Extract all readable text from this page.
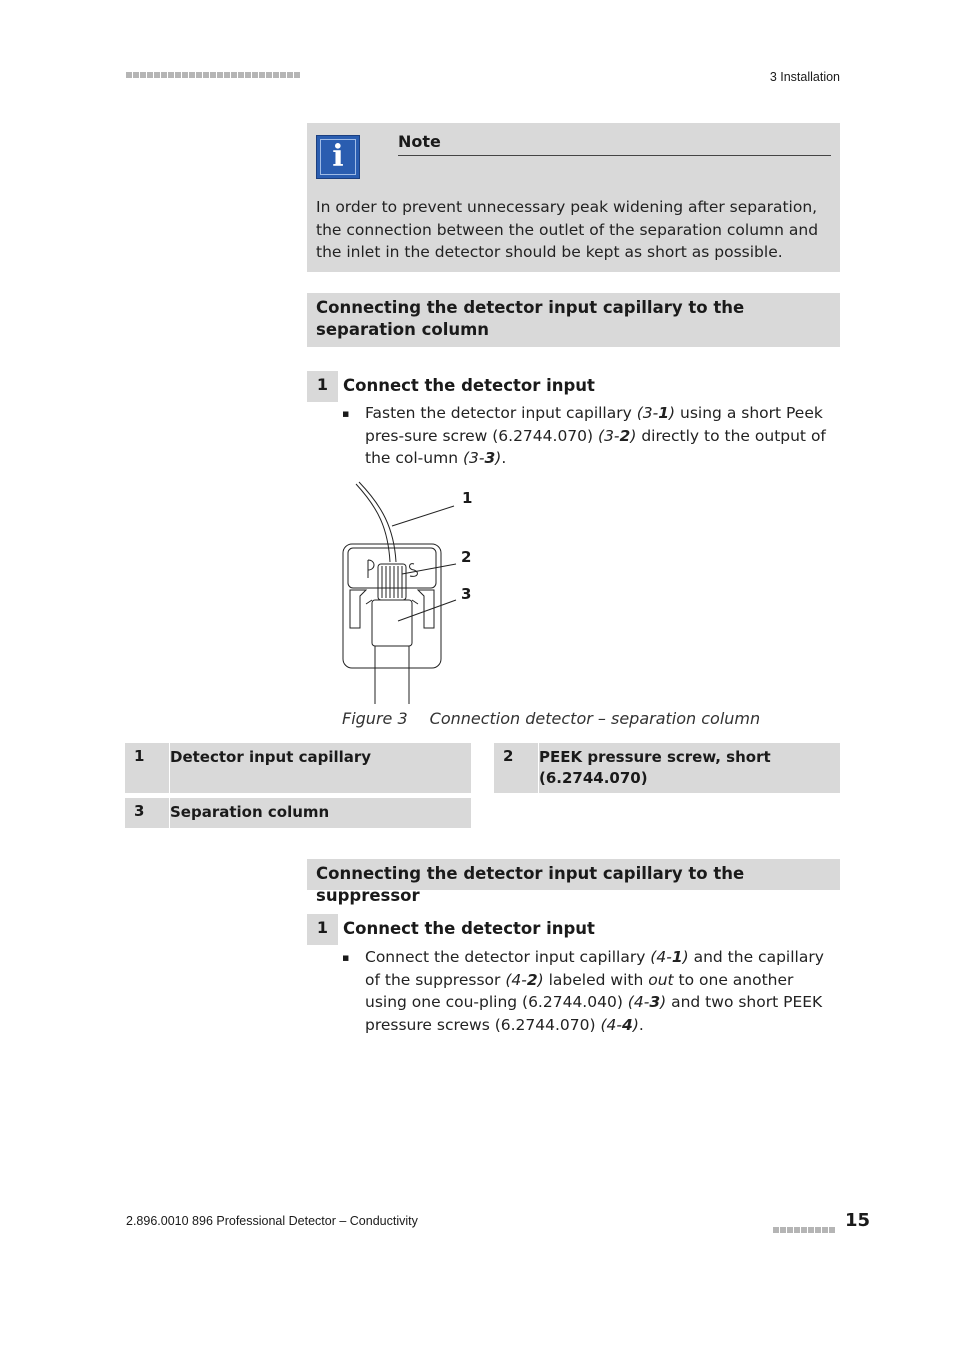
3 Installation
i	Note
In order to prevent unnecessary peak widening after separation, the connection between the outlet of the separation column and the inlet in the detector should be kept as short as possible.
Connecting the detector input capillary to the separation column
1 Connect the detector input
▪ Fasten the detector input capillary (3-1) using a short Peek pres-sure screw (6.2744.070) (3-2) directly to the output of the col-umn (3-3).
1
2
3
Figure 3 Connection detector – separation column
1 Detector input capillary	2 PEEK pressure screw, short (6.2744.070)
3 Separation column
Connecting the detector input capillary to the suppressor
1 Connect the detector input
▪ Connect the detector input capillary (4-1) and the capillary of the suppressor (4-2) labeled with out to one another using one cou-pling (6.2744.040) (4-3) and two short PEEK pressure screws (6.2744.070) (4-4).
2.896.0010 896 Professional Detector – Conductivity	15
